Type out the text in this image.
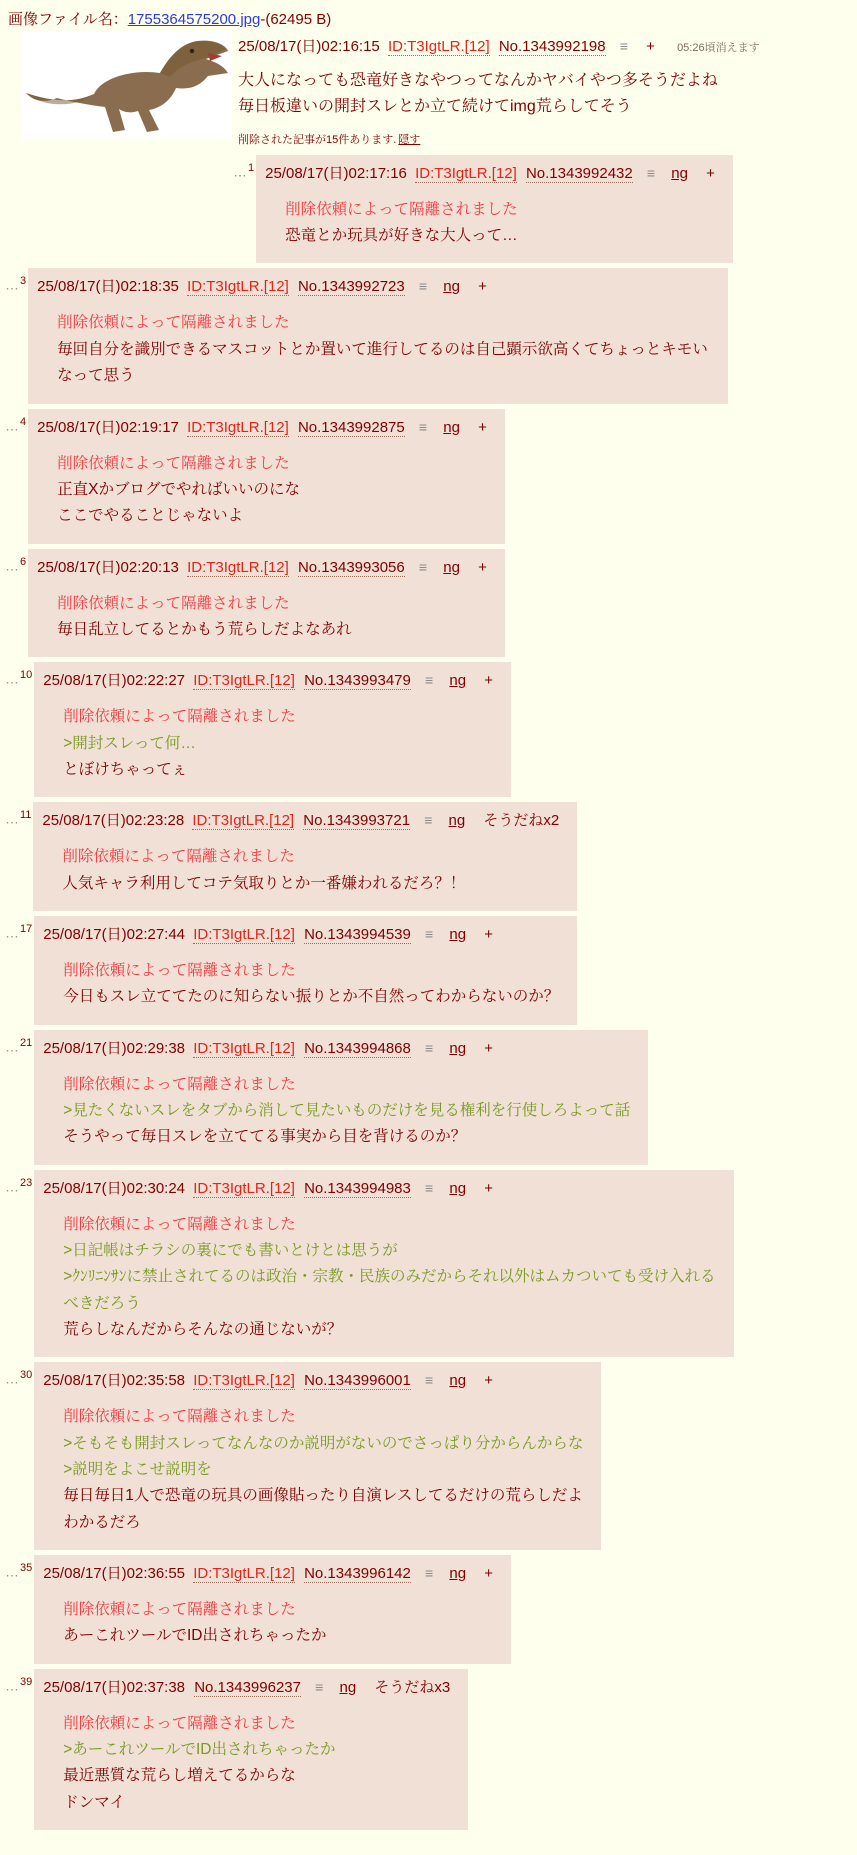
画像ファイル名：1755364575200.jpg-(62495 B)
25/08/17(日)02:16:15 ID:T3IgtLR.[12] No.1343992198 ≡ + 05:26頃消えます
大人になっても恐竜好きなやつってなんかヤバイやつ多そうだよね
毎日板違いの開封スレとか立て続けてimg荒らしてそう
削除された記事が15件あります. 隠す
…$^1$ 25/08/17(日)02:17:16 ID:T3IgtLR.[12] No.1343992432 ≡ ng +
削除依頼によって隔離されました
恐竜とか玩具が好きな大人って…
…$^3$ 25/08/17(日)02:18:35 ID:T3IgtLR.[12] No.1343992723 ≡ ng +
削除依頼によって隔離されました
毎回自分を識別できるマスコットとか置いて進行してるのは自己顕示欲高くてちょっとキモいなって思う
…$^4$ 25/08/17(日)02:19:17 ID:T3IgtLR.[12] No.1343992875 ≡ ng +
削除依頼によって隔離されました
正直Xかブログでやればいいのにな
ここでやることじゃないよ
…$^6$ 25/08/17(日)02:20:13 ID:T3IgtLR.[12] No.1343993056 ≡ ng +
削除依頼によって隔離されました
毎日乱立してるとかもう荒らしだよなあれ
…$^{10}$ 25/08/17(日)02:22:27 ID:T3IgtLR.[12] No.1343993479 ≡ ng +
削除依頼によって隔離されました
>開封スレって何…
とぼけちゃってぇ
…$^{11}$ 25/08/17(日)02:23:28 ID:T3IgtLR.[12] No.1343993721 ≡ ng そうだねx2
削除依頼によって隔離されました
人気キャラ利用してコテ気取りとか一番嫌われるだろ？！
…$^{17}$ 25/08/17(日)02:27:44 ID:T3IgtLR.[12] No.1343994539 ≡ ng +
削除依頼によって隔離されました
今日もスレ立ててたのに知らない振りとか不自然ってわからないのか？
…$^{21}$ 25/08/17(日)02:29:38 ID:T3IgtLR.[12] No.1343994868 ≡ ng +
削除依頼によって隔離されました
>見たくないスレをタブから消して見たいものだけを見る権利を行使しろよって話
そうやって毎日スレを立ててる事実から目を背けるのか？
…$^{23}$ 25/08/17(日)02:30:24 ID:T3IgtLR.[12] No.1343994983 ≡ ng +
削除依頼によって隔離されました
>日記帳はチラシの裏にでも書いとけとは思うが
>ｸﾝﾘﾆﾝｻﾝに禁止されてるのは政治・宗教・民族のみだからそれ以外はムカついても受け入れるべきだろう
荒らしなんだからそんなの通じないが？
…$^{30}$ 25/08/17(日)02:35:58 ID:T3IgtLR.[12] No.1343996001 ≡ ng +
削除依頼によって隔離されました
>そもそも開封スレってなんなのか説明がないのでさっぱり分からんからな
>説明をよこせ説明を
毎日毎日1人で恐竜の玩具の画像貼ったり自演レスしてるだけの荒らしだよ
わかるだろ
…$^{35}$ 25/08/17(日)02:36:55 ID:T3IgtLR.[12] No.1343996142 ≡ ng +
削除依頼によって隔離されました
あーこれツールでID出されちゃったか
…$^{39}$ 25/08/17(日)02:37:38 No.1343996237 ≡ ng そうだねx3
削除依頼によって隔離されました
>あーこれツールでID出されちゃったか
最近悪質な荒らし増えてるからな
ドンマイ
